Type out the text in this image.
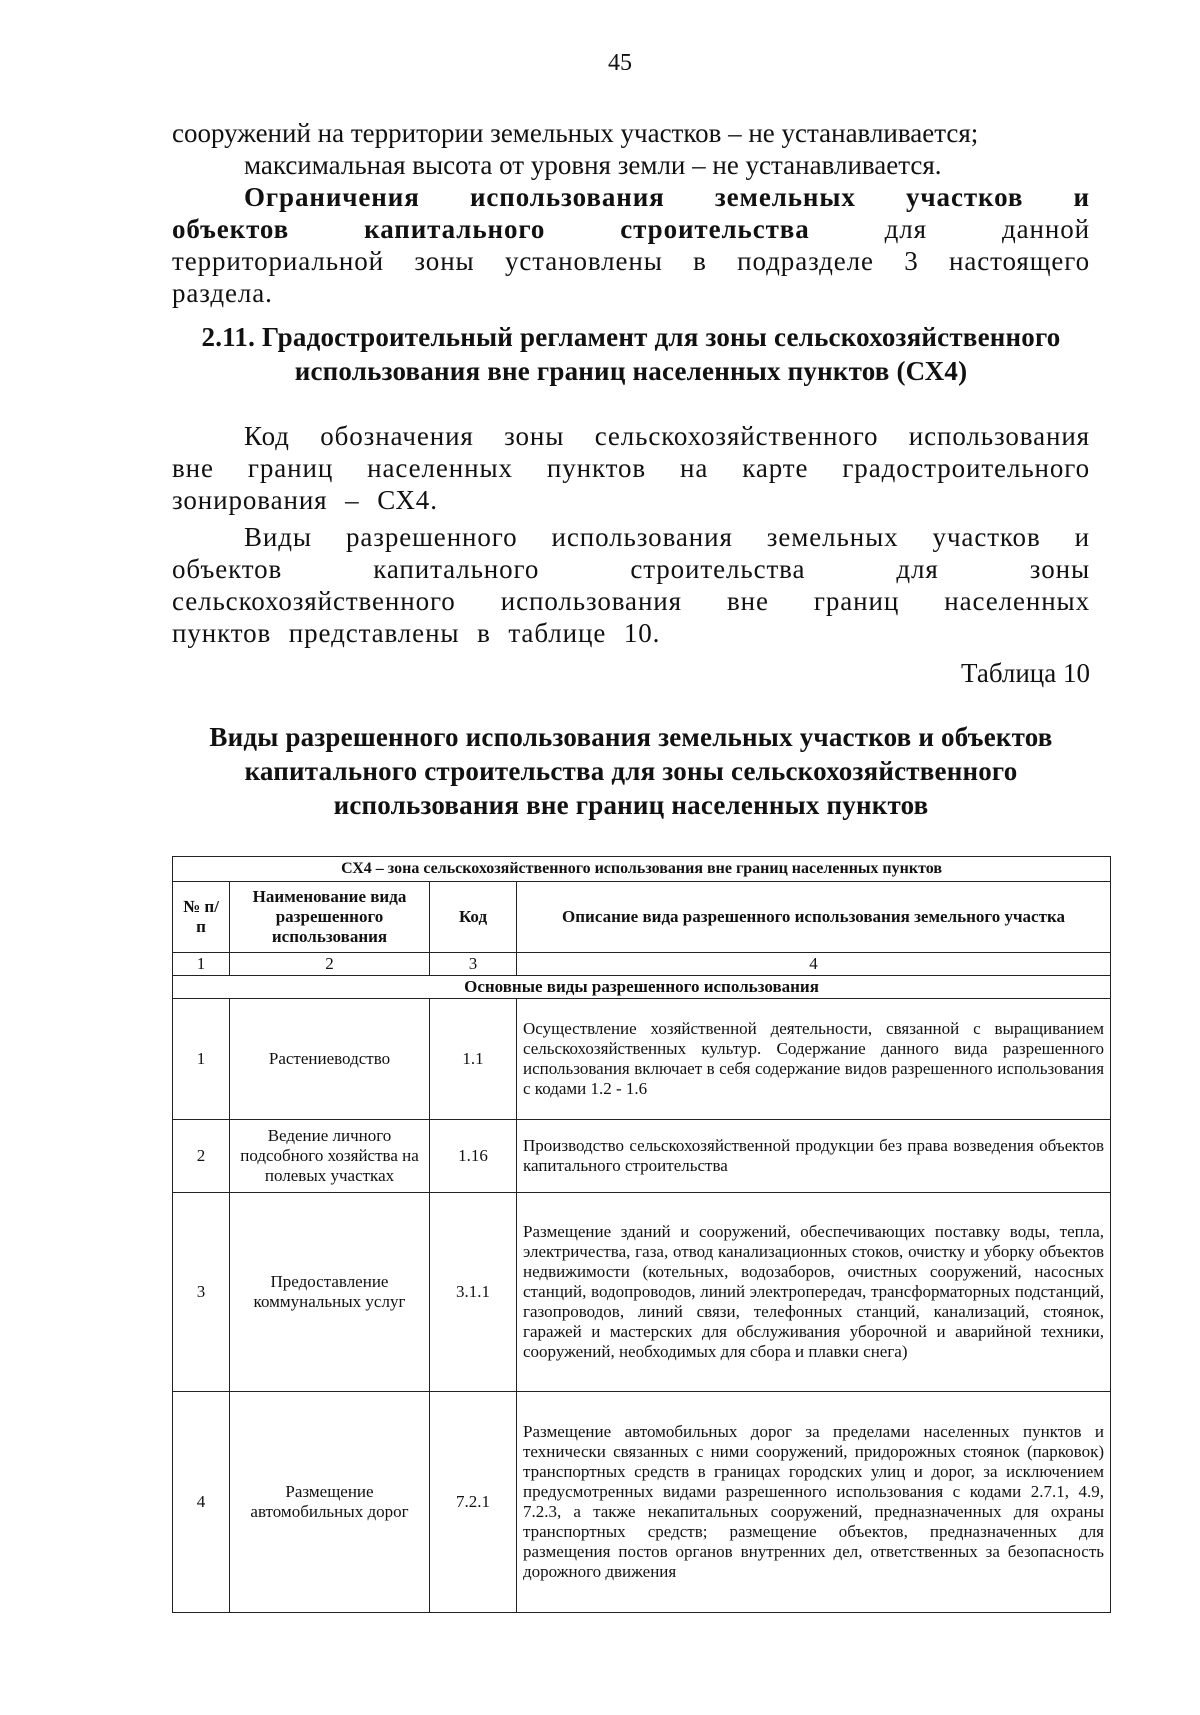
45

сооружений на территории земельных участков – не устанавливается;

максимальная высота от уровня земли – не устанавливается.

Ограничения использования земельных участков и объектов капитального строительства для данной территориальной зоны установлены в подразделе 3 настоящего раздела.

2.11. Градостроительный регламент для зоны сельскохозяйственного использования вне границ населенных пунктов (СХ4)

Код обозначения зоны сельскохозяйственного использования вне границ населенных пунктов на карте градостроительного зонирования – СХ4.

Виды разрешенного использования земельных участков и объектов капитального строительства для зоны сельскохозяйственного использования вне границ населенных пунктов представлены в таблице 10.

Таблица 10
Виды разрешенного использования земельных участков и объектов капитального строительства для зоны сельскохозяйственного использования вне границ населенных пунктов
СХ4 – зона сельскохозяйственного использования вне границ населенных пунктов			
№ п/п	Наименование вида разрешенного использования	Код	Описание вида разрешенного использования земельного участка
1	2	3	4
Основные виды разрешенного использования			
1	Растениеводство	1.1	Осуществление хозяйственной деятельности, связанной с выращиванием сельскохозяйственных культур. Содержание данного вида разрешенного использования включает в себя содержание видов разрешенного использования с кодами 1.2 - 1.6
2	Ведение личного подсобного хозяйства на полевых участках	1.16	Производство сельскохозяйственной продукции без права возведения объектов капитального строительства
3	Предоставление коммунальных услуг	3.1.1	Размещение зданий и сооружений, обеспечивающих поставку воды, тепла, электричества, газа, отвод канализационных стоков, очистку и уборку объектов недвижимости (котельных, водозаборов, очистных сооружений, насосных станций, водопроводов, линий электропередач, трансформаторных подстанций, газопроводов, линий связи, телефонных станций, канализаций, стоянок, гаражей и мастерских для обслуживания уборочной и аварийной техники, сооружений, необходимых для сбора и плавки снега)
4	Размещение автомобильных дорог	7.2.1	Размещение автомобильных дорог за пределами населенных пунктов и технически связанных с ними сооружений, придорожных стоянок (парковок) транспортных средств в границах городских улиц и дорог, за исключением предусмотренных видами разрешенного использования с кодами 2.7.1, 4.9, 7.2.3, а также некапитальных сооружений, предназначенных для охраны транспортных средств; размещение объектов, предназначенных для размещения постов органов внутренних дел, ответственных за безопасность дорожного движения
